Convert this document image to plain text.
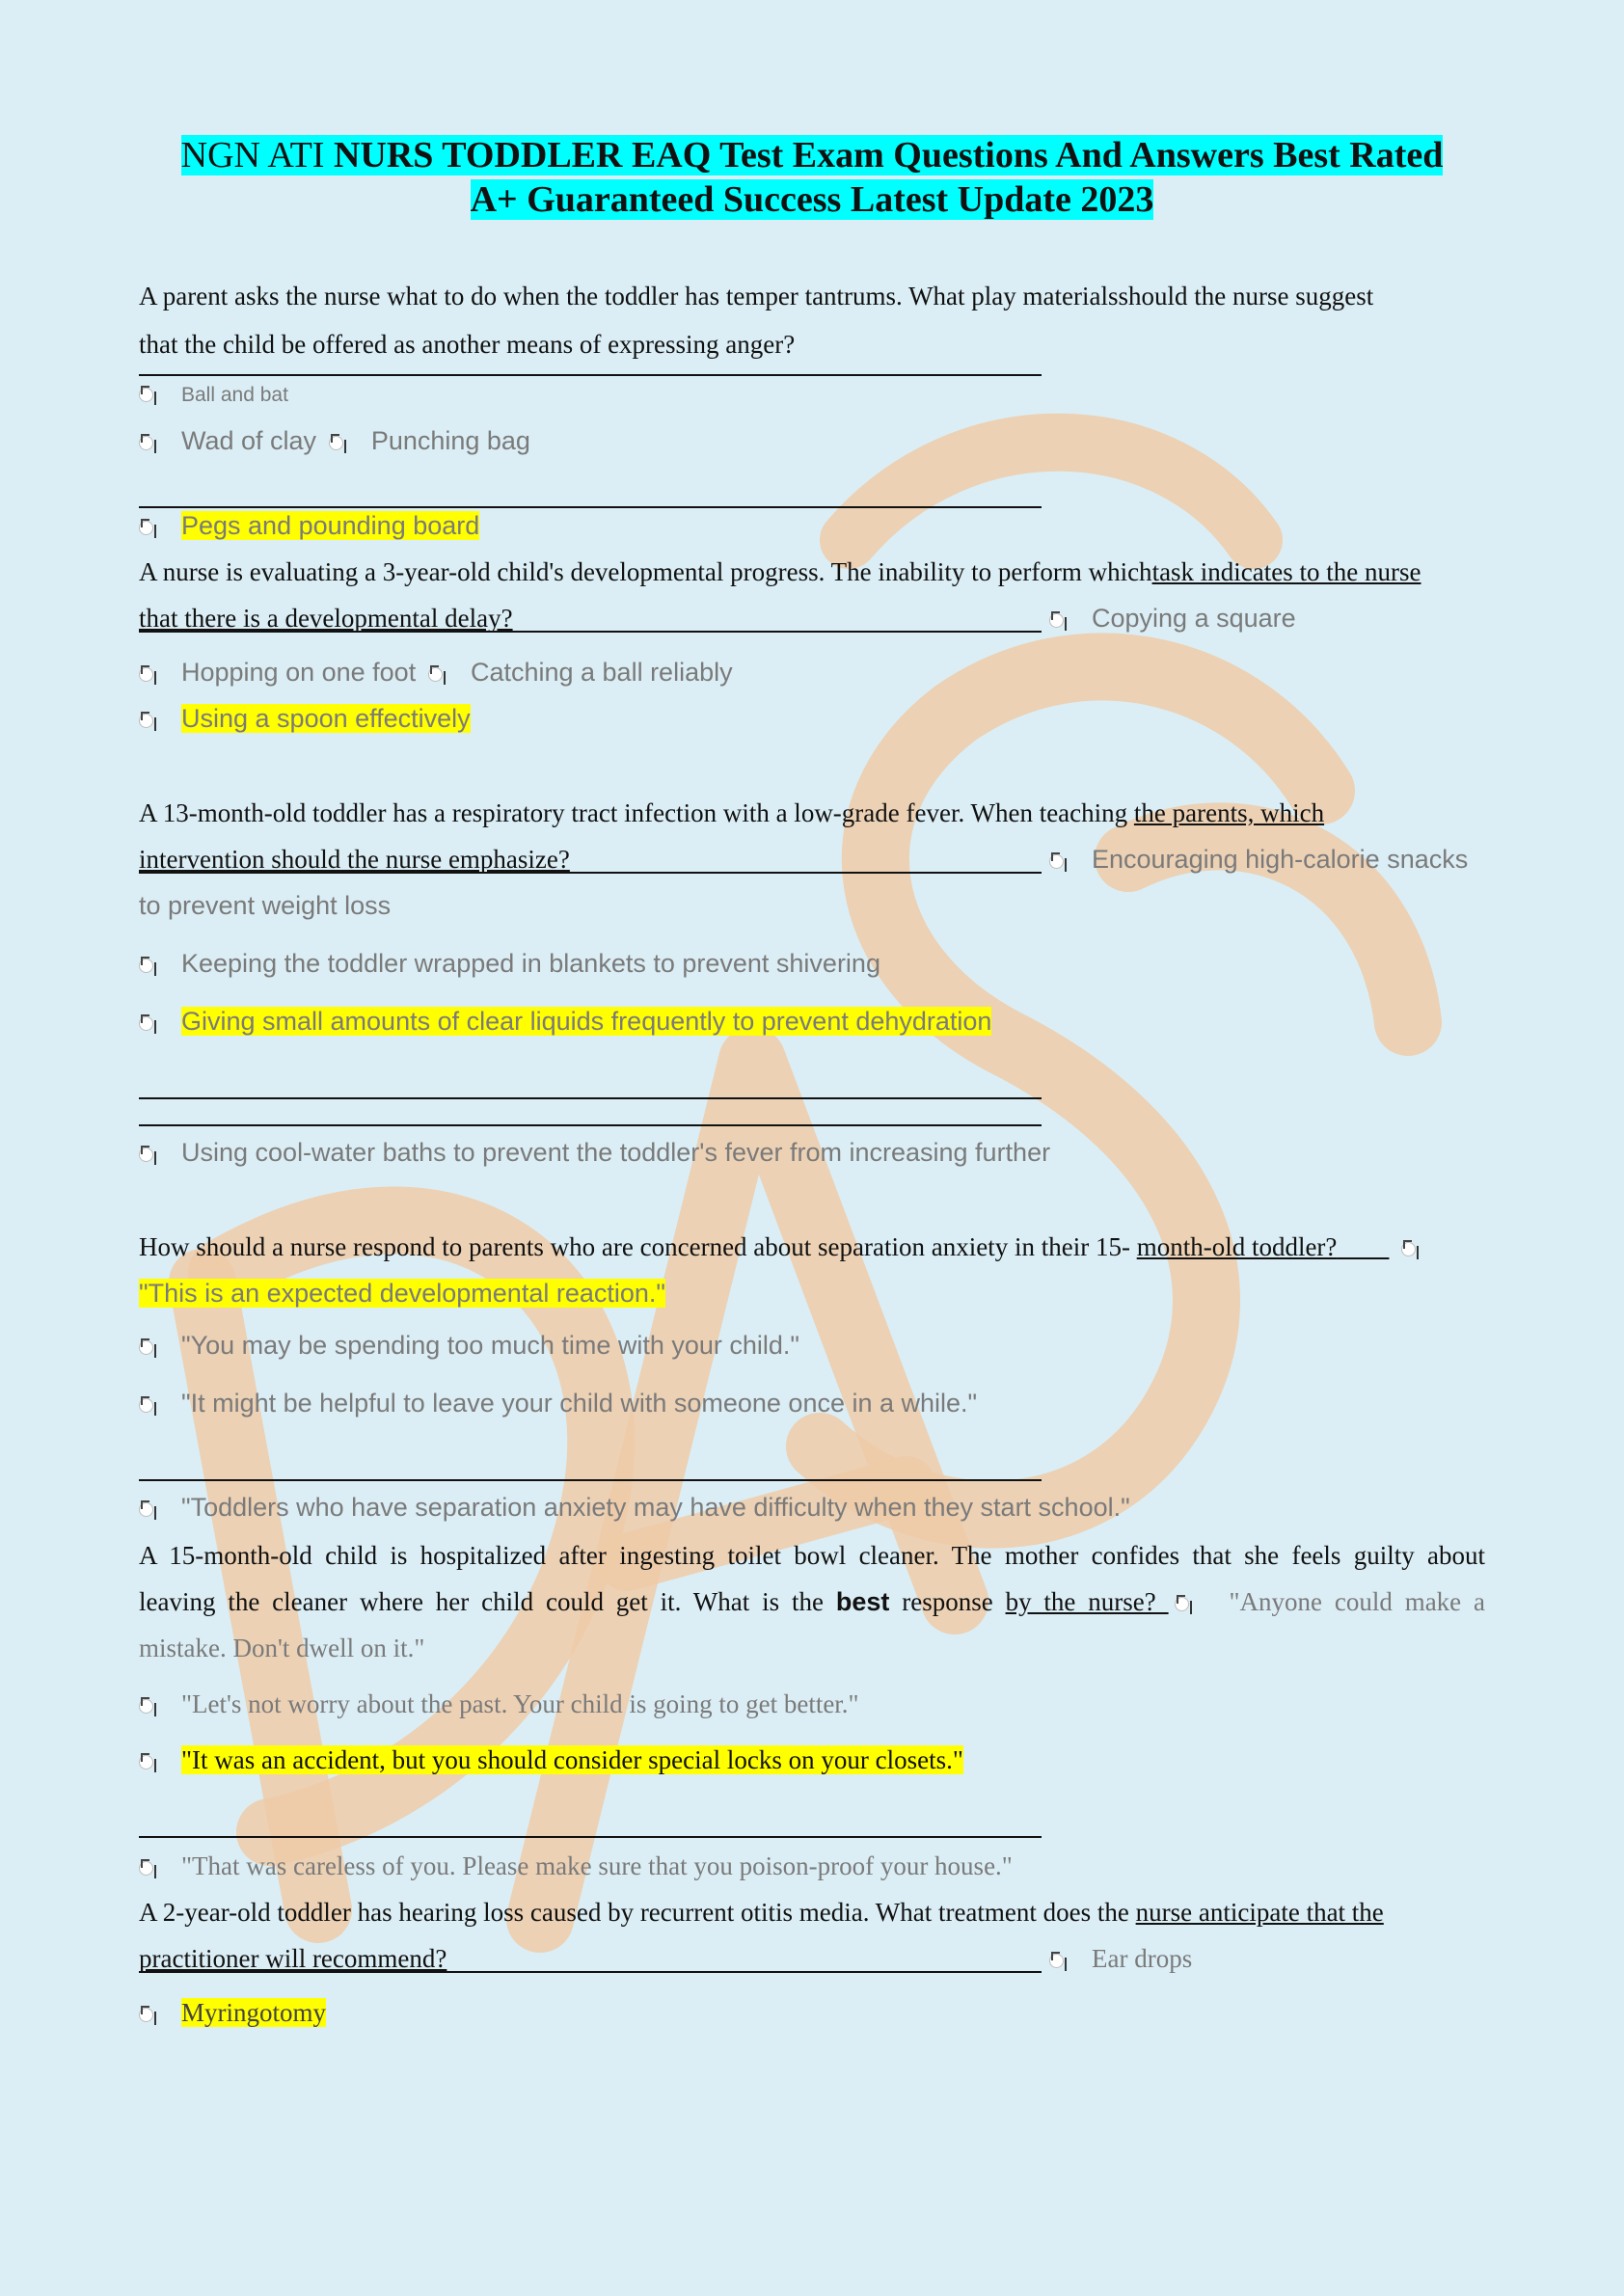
NGN ATI NURS TODDLER EAQ Test Exam Questions And Answers Best Rated
A+ Guaranteed Success Latest Update 2023
A parent asks the nurse what to do when the toddler has temper tantrums. What play materialsshould the nurse suggest
that the child be offered as another means of expressing anger?
Ball and bat
Wad of clay Punching bag
Pegs and pounding board
A nurse is evaluating a 3-year-old child's developmental progress. The inability to perform whichtask indicates to the nurse
that there is a developmental delay?	Copying a square
Hopping on one foot Catching a ball reliably
Using a spoon effectively
A 13-month-old toddler has a respiratory tract infection with a low-grade fever. When teaching the parents, which
intervention should the nurse emphasize?	Encouraging high-calorie snacks
to prevent weight loss
Keeping the toddler wrapped in blankets to prevent shivering
Giving small amounts of clear liquids frequently to prevent dehydration
Using cool-water baths to prevent the toddler's fever from increasing further
How should a nurse respond to parents who are concerned about separation anxiety in their 15- month-old toddler?
"This is an expected developmental reaction."
"You may be spending too much time with your child."
"It might be helpful to leave your child with someone once in a while."
"Toddlers who have separation anxiety may have difficulty when they start school."
A 15-month-old child is hospitalized after ingesting toilet bowl cleaner. The mother confides that she feels guilty about
leaving the cleaner where her child could get it. What is the best response by the nurse?
"Anyone could make a
mistake. Don't dwell on it."
"Let's not worry about the past. Your child is going to get better."
"It was an accident, but you should consider special locks on your closets."
"That was careless of you. Please make sure that you poison-proof your house."
A 2-year-old toddler has hearing loss caused by recurrent otitis media. What treatment does the nurse anticipate that the
practitioner will recommend?	Ear drops
Myringotomy
